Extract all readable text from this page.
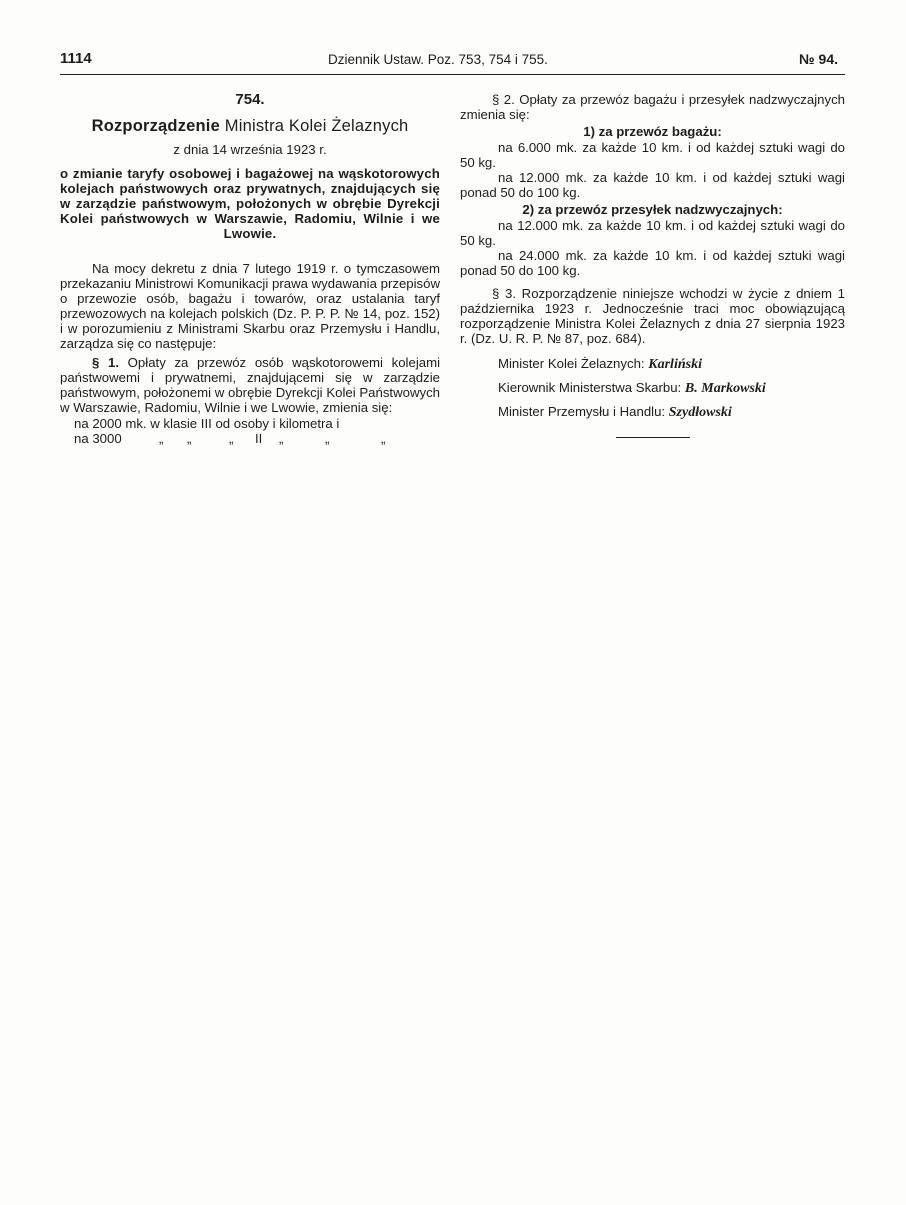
1114	Dziennik Ustaw. Poz. 753, 754 i 755.	№ 94.

754.

Rozporządzenie Ministra Kolei Żelaznych

z dnia 14 września 1923 r.

o zmianie taryfy osobowej i bagażowej na wąskotorowych kolejach państwowych oraz prywatnych, znajdujących się w zarządzie państwowym, położonych w obrębie Dyrekcji Kolei państwowych w Warszawie, Radomiu, Wilnie i we Lwowie.

Na mocy dekretu z dnia 7 lutego 1919 r. o tymczasowem przekazaniu Ministrowi Komunikacji prawa wydawania przepisów o przewozie osób, bagażu i towarów, oraz ustalania taryf przewozowych na kolejach polskich (Dz. P. P. P. № 14, poz. 152) i w porozumieniu z Ministrami Skarbu oraz Przemysłu i Handlu, zarządza się co następuje:

§ 1. Opłaty za przewóz osób wąskotorowemi kolejami państwowemi i prywatnemi, znajdującemi się w zarządzie państwowym, położonemi w obrębie Dyrekcji Kolei Państwowych w Warszawie, Radomiu, Wilnie i we Lwowie, zmienia się:

na 2000 mk. w klasie III od osoby i kilometra i
na 3000	„	„	„	II	„	„	„

§ 2. Opłaty za przewóz bagażu i przesyłek nadzwyczajnych zmienia się:

1) za przewóz bagażu:

na 6.000 mk. za każde 10 km. i od każdej sztuki wagi do 50 kg.

na 12.000 mk. za każde 10 km. i od każdej sztuki wagi ponad 50 do 100 kg.

2) za przewóz przesyłek nadzwyczajnych:

na 12.000 mk. za każde 10 km. i od każdej sztuki wagi do 50 kg.

na 24.000 mk. za każde 10 km. i od każdej sztuki wagi ponad 50 do 100 kg.

§ 3. Rozporządzenie niniejsze wchodzi w życie z dniem 1 października 1923 r. Jednocześnie traci moc obowiązującą rozporządzenie Ministra Kolei Żelaznych z dnia 27 sierpnia 1923 r. (Dz. U. R. P. № 87, poz. 684).

Minister Kolei Żelaznych: Karliński

Kierownik Ministerstwa Skarbu: B. Markowski

Minister Przemysłu i Handlu: Szydłowski
